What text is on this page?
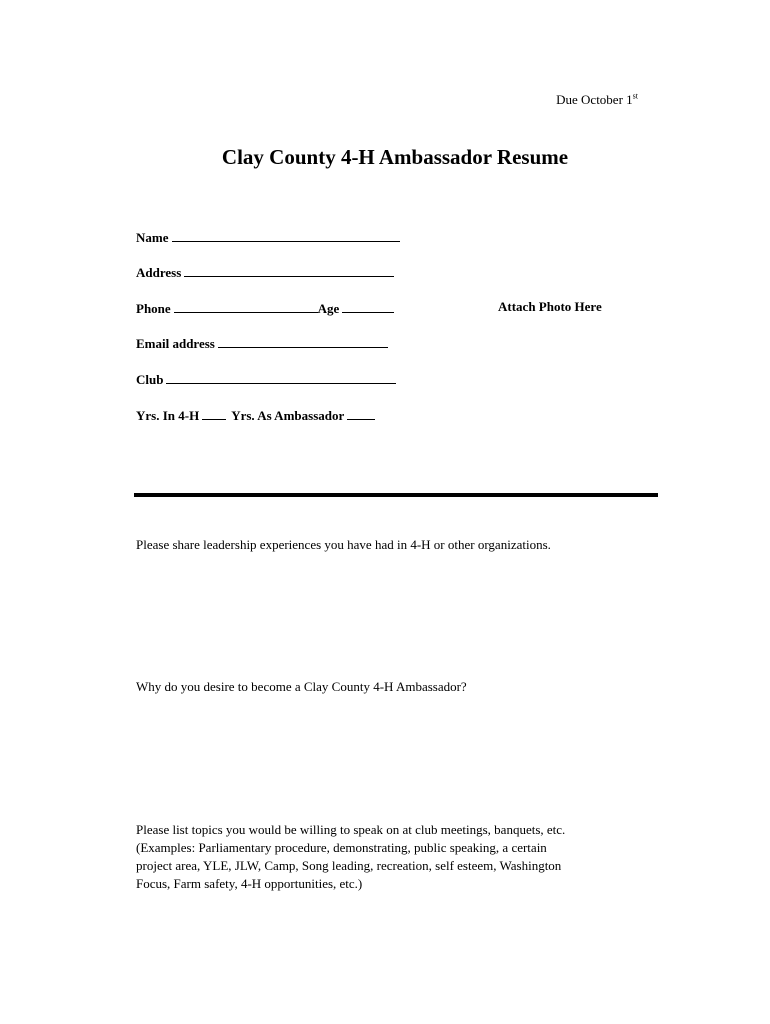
Due October 1st
Clay County 4-H Ambassador Resume
Name
Address
Phone	Age	Attach Photo Here
Email address
Club
Yrs. In 4-H Yrs. As Ambassador

Please share leadership experiences you have had in 4-H or other organizations.

Why do you desire to become a Clay County 4-H Ambassador?

Please list topics you would be willing to speak on at club meetings, banquets, etc.
(Examples: Parliamentary procedure, demonstrating, public speaking, a certain
project area, YLE, JLW, Camp, Song leading, recreation, self esteem, Washington
Focus, Farm safety, 4-H opportunities, etc.)
